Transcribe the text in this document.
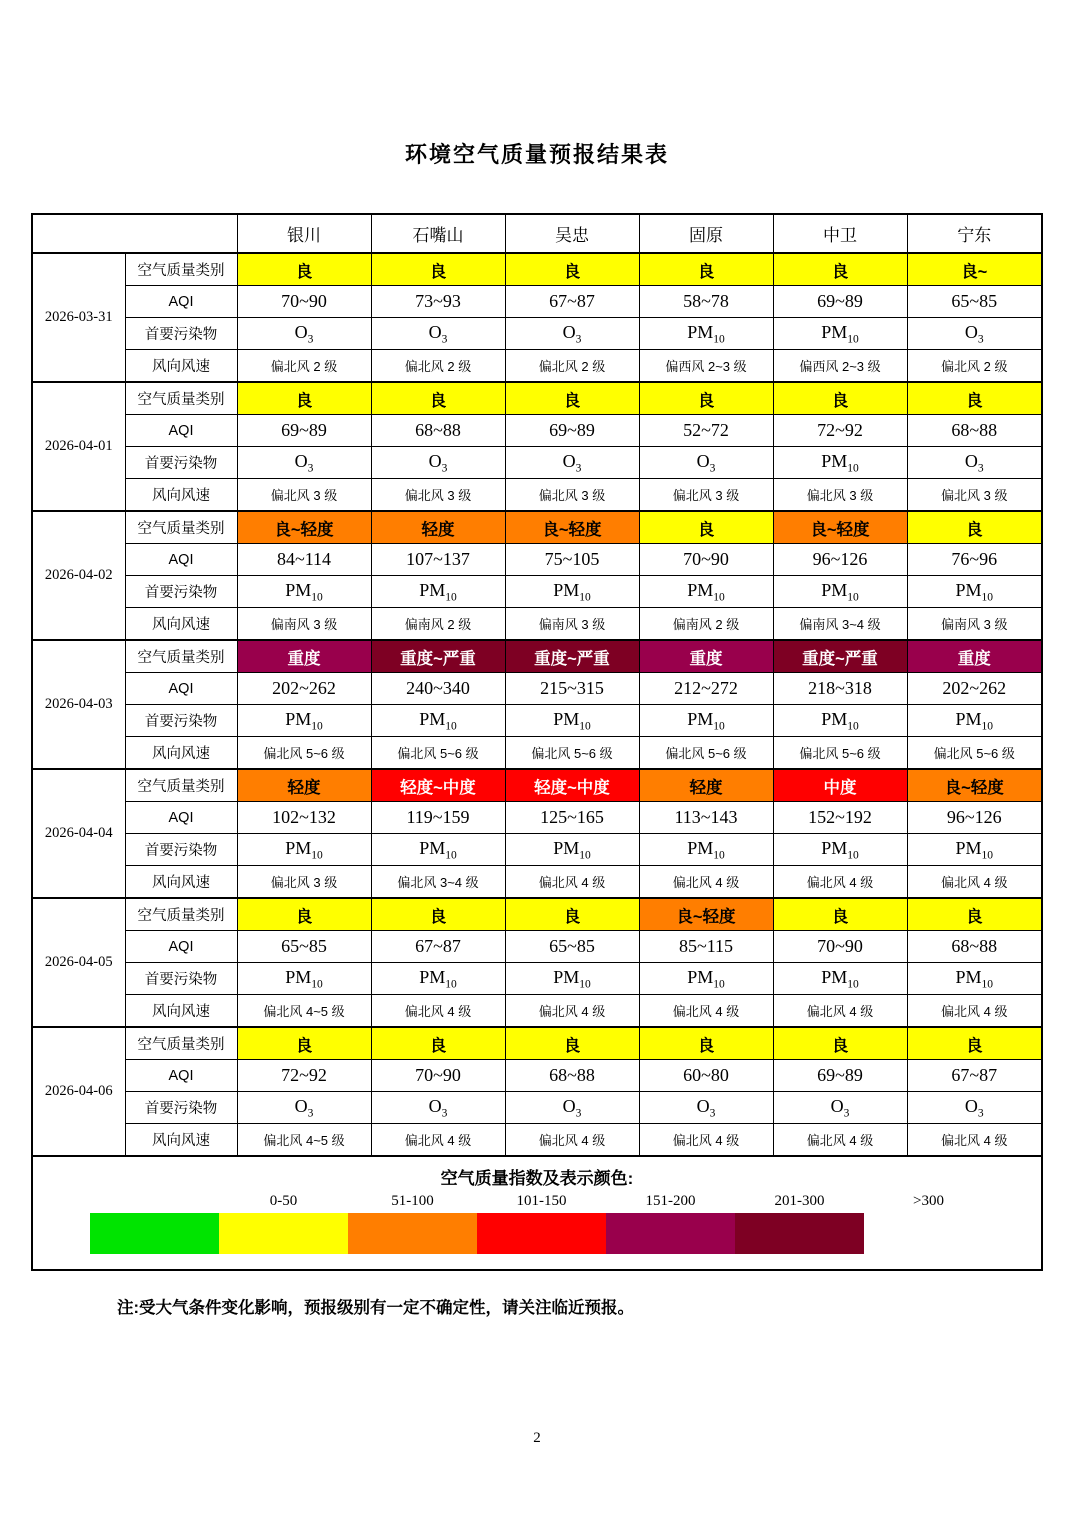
环境空气质量预报结果表
		银川	石嘴山	吴忠	固原	中卫	宁东
2026-03-31	空气质量类别	良	良	良	良	良	良~
	AQI	70~90	73~93	67~87	58~78	69~89	65~85
	首要污染物	$O_3$	$O_3$	$O_3$	$PM_{10}$	$PM_{10}$	$O_3$
	风向风速	偏北风 2 级	偏北风 2 级	偏北风 2 级	偏西风 2~3 级	偏西风 2~3 级	偏北风 2 级
2026-04-01	空气质量类别	良	良	良	良	良	良
	AQI	69~89	68~88	69~89	52~72	72~92	68~88
	首要污染物	$O_3$	$O_3$	$O_3$	$O_3$	$PM_{10}$	$O_3$
	风向风速	偏北风 3 级	偏北风 3 级	偏北风 3 级	偏北风 3 级	偏北风 3 级	偏北风 3 级
2026-04-02	空气质量类别	良~轻度	轻度	良~轻度	良	良~轻度	良
	AQI	84~114	107~137	75~105	70~90	96~126	76~96
	首要污染物	$PM_{10}$	$PM_{10}$	$PM_{10}$	$PM_{10}$	$PM_{10}$	$PM_{10}$
	风向风速	偏南风 3 级	偏南风 2 级	偏南风 3 级	偏南风 2 级	偏南风 3~4 级	偏南风 3 级
2026-04-03	空气质量类别	重度	重度~严重	重度~严重	重度	重度~严重	重度
	AQI	202~262	240~340	215~315	212~272	218~318	202~262
	首要污染物	$PM_{10}$	$PM_{10}$	$PM_{10}$	$PM_{10}$	$PM_{10}$	$PM_{10}$
	风向风速	偏北风 5~6 级	偏北风 5~6 级	偏北风 5~6 级	偏北风 5~6 级	偏北风 5~6 级	偏北风 5~6 级
2026-04-04	空气质量类别	轻度	轻度~中度	轻度~中度	轻度	中度	良~轻度
	AQI	102~132	119~159	125~165	113~143	152~192	96~126
	首要污染物	$PM_{10}$	$PM_{10}$	$PM_{10}$	$PM_{10}$	$PM_{10}$	$PM_{10}$
	风向风速	偏北风 3 级	偏北风 3~4 级	偏北风 4 级	偏北风 4 级	偏北风 4 级	偏北风 4 级
2026-04-05	空气质量类别	良	良	良	良~轻度	良	良
	AQI	65~85	67~87	65~85	85~115	70~90	68~88
	首要污染物	$PM_{10}$	$PM_{10}$	$PM_{10}$	$PM_{10}$	$PM_{10}$	$PM_{10}$
	风向风速	偏北风 4~5 级	偏北风 4 级	偏北风 4 级	偏北风 4 级	偏北风 4 级	偏北风 4 级
2026-04-06	空气质量类别	良	良	良	良	良	良
	AQI	72~92	70~90	68~88	60~80	69~89	67~87
	首要污染物	$O_3$	$O_3$	$O_3$	$O_3$	$O_3$	$O_3$
	风向风速	偏北风 4~5 级	偏北风 4 级	偏北风 4 级	偏北风 4 级	偏北风 4 级	偏北风 4 级

空气质量指数及表示颜色:
0-50	51-100	101-150	151-200	201-300	>300
注:受大气条件变化影响，预报级别有一定不确定性，请关注临近预报。
2
